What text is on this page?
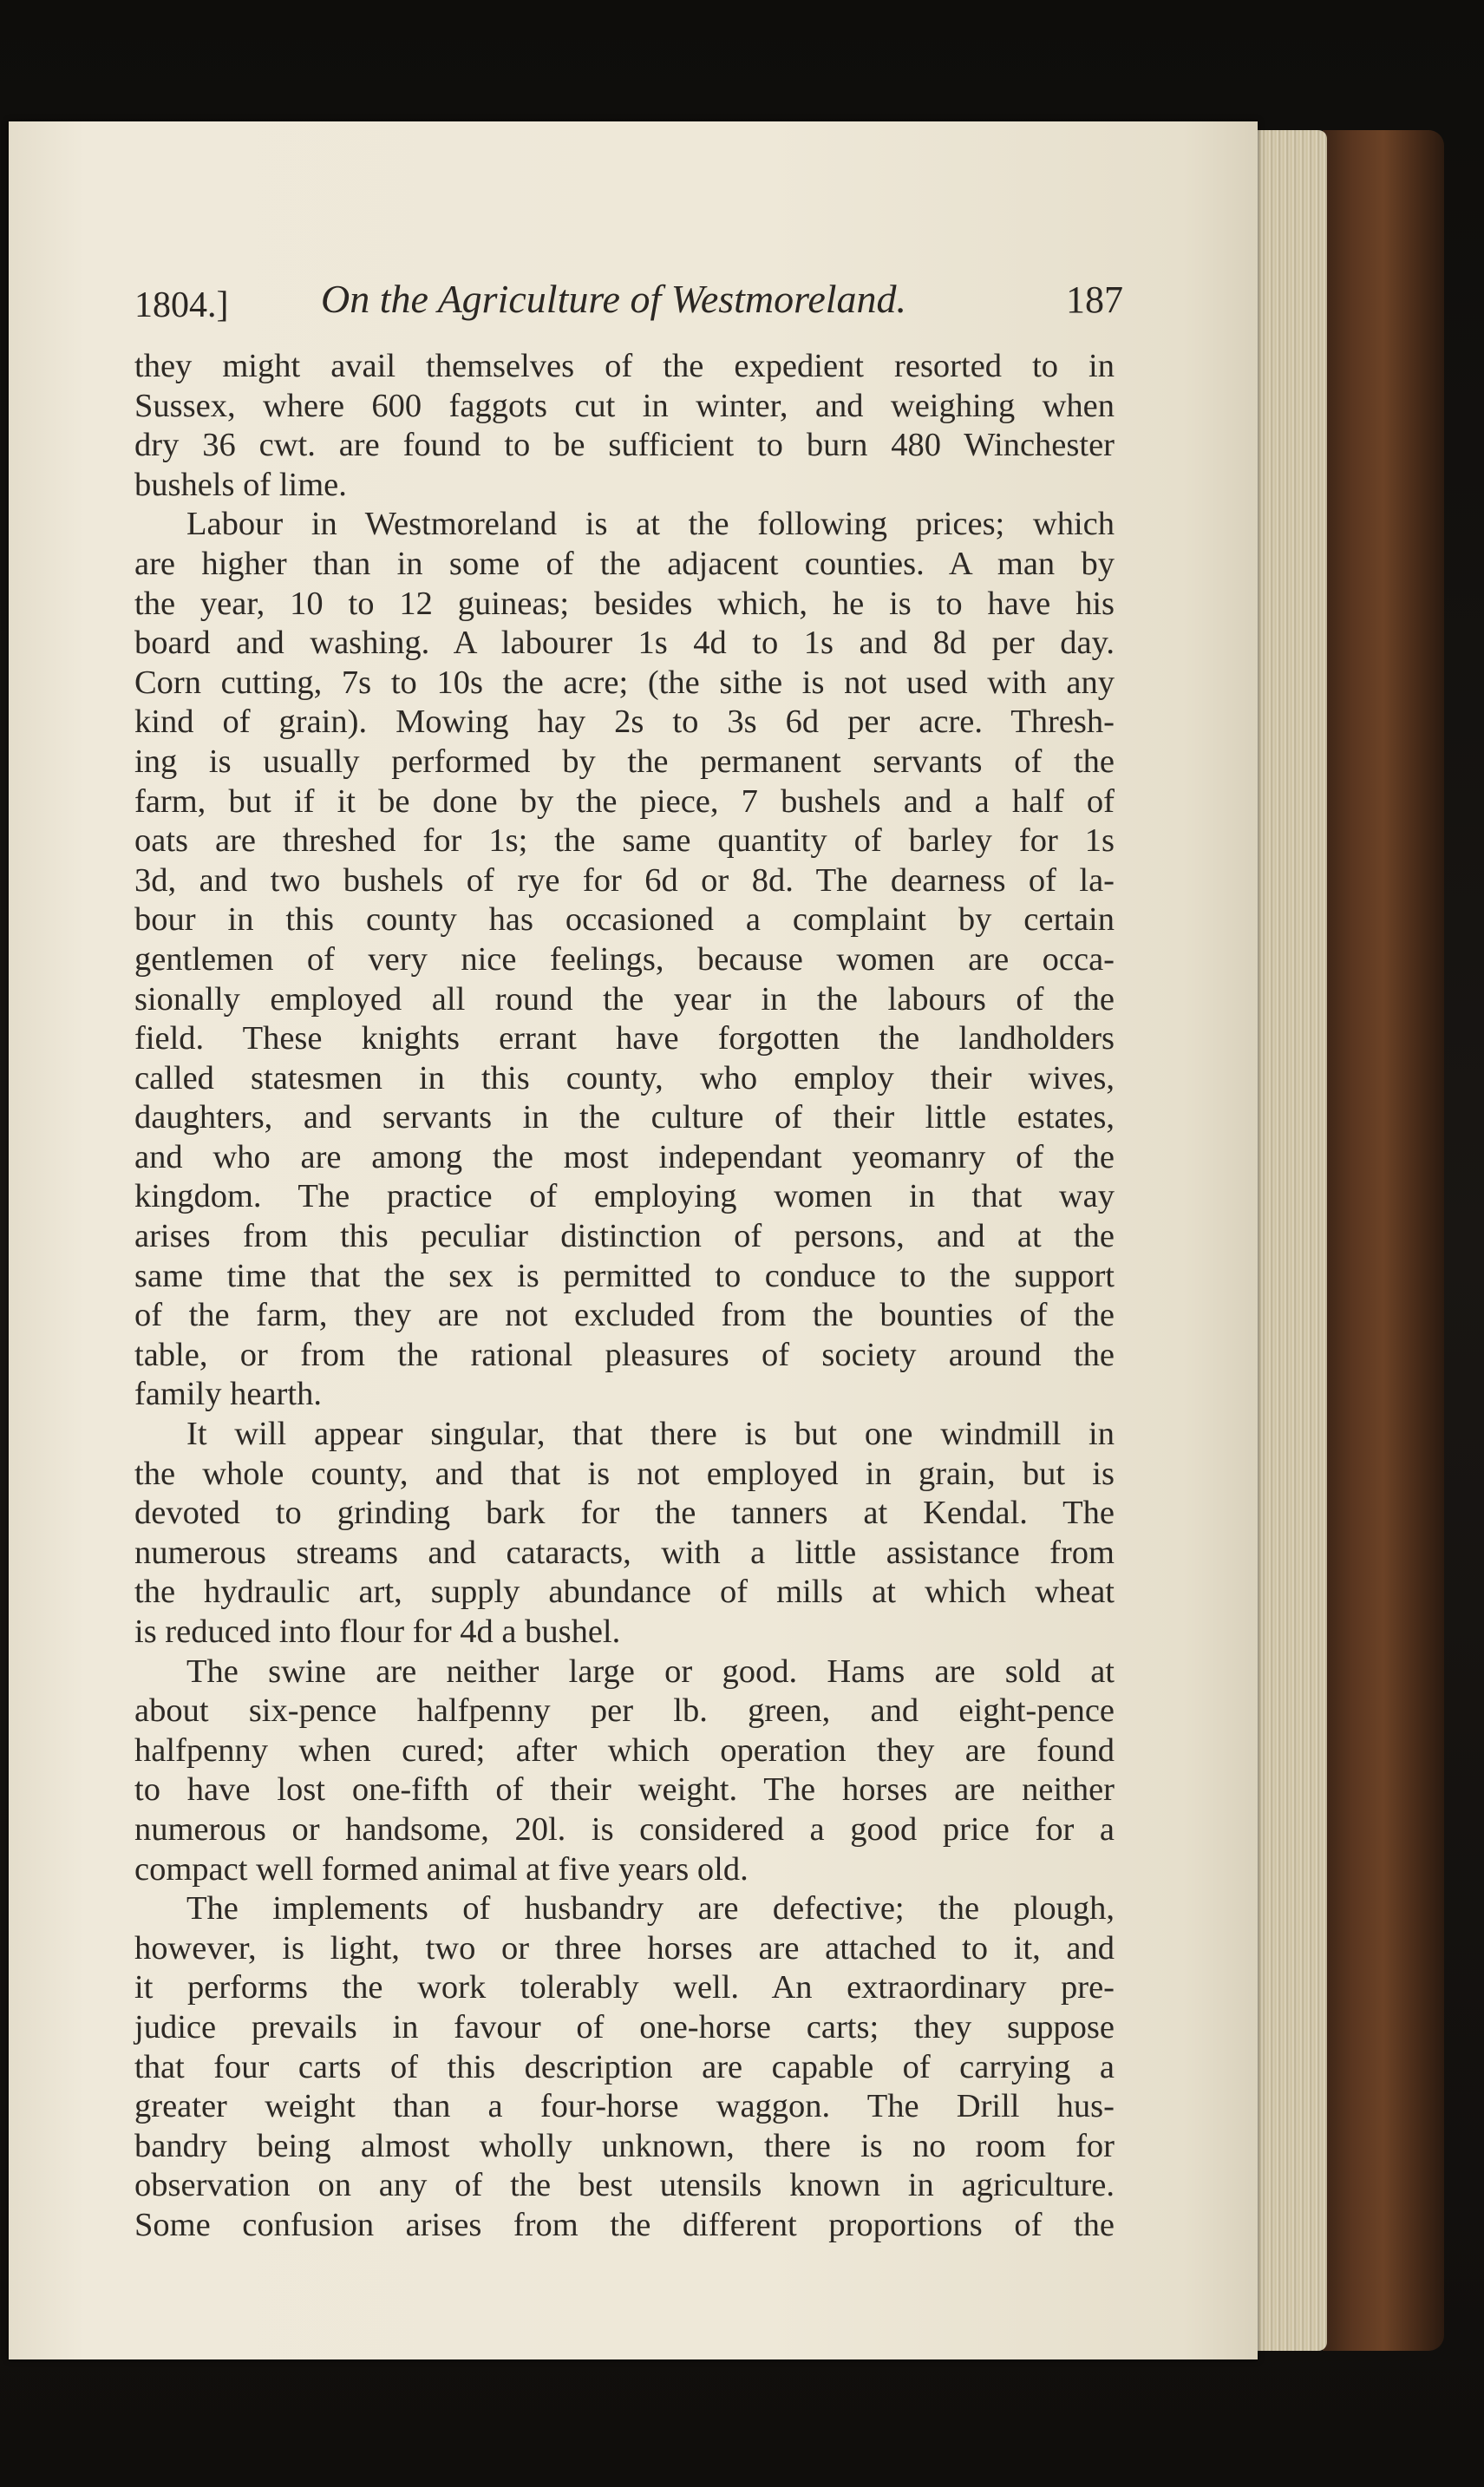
1804.] On the Agriculture of Westmoreland.	187
they might avail themselves of the expedient resorted to in
Sussex, where 600 faggots cut in winter, and weighing when
dry 36 cwt. are found to be sufficient to burn 480 Winchester
bushels of lime.
Labour in Westmoreland is at the following prices; which
are higher than in some of the adjacent counties. A man by
the year, 10 to 12 guineas; besides which, he is to have his
board and washing. A labourer 1s 4d to 1s and 8d per day.
Corn cutting, 7s to 10s the acre; (the sithe is not used with any
kind of grain). Mowing hay 2s to 3s 6d per acre. Thresh-
ing is usually performed by the permanent servants of the
farm, but if it be done by the piece, 7 bushels and a half of
oats are threshed for 1s; the same quantity of barley for 1s
3d, and two bushels of rye for 6d or 8d. The dearness of la-
bour in this county has occasioned a complaint by certain
gentlemen of very nice feelings, because women are occa-
sionally employed all round the year in the labours of the
field. These knights errant have forgotten the landholders
called statesmen in this county, who employ their wives,
daughters, and servants in the culture of their little estates,
and who are among the most independant yeomanry of the
kingdom. The practice of employing women in that way
arises from this peculiar distinction of persons, and at the
same time that the sex is permitted to conduce to the support
of the farm, they are not excluded from the bounties of the
table, or from the rational pleasures of society around the
family hearth.
It will appear singular, that there is but one windmill in
the whole county, and that is not employed in grain, but is
devoted to grinding bark for the tanners at Kendal. The
numerous streams and cataracts, with a little assistance from
the hydraulic art, supply abundance of mills at which wheat
is reduced into flour for 4d a bushel.
The swine are neither large or good. Hams are sold at
about six-pence halfpenny per lb. green, and eight-pence
halfpenny when cured; after which operation they are found
to have lost one-fifth of their weight. The horses are neither
numerous or handsome, 20l. is considered a good price for a
compact well formed animal at five years old.
The implements of husbandry are defective; the plough,
however, is light, two or three horses are attached to it, and
it performs the work tolerably well. An extraordinary pre-
judice prevails in favour of one-horse carts; they suppose
that four carts of this description are capable of carrying a
greater weight than a four-horse waggon. The Drill hus-
bandry being almost wholly unknown, there is no room for
observation on any of the best utensils known in agriculture.
Some confusion arises from the different proportions of the
